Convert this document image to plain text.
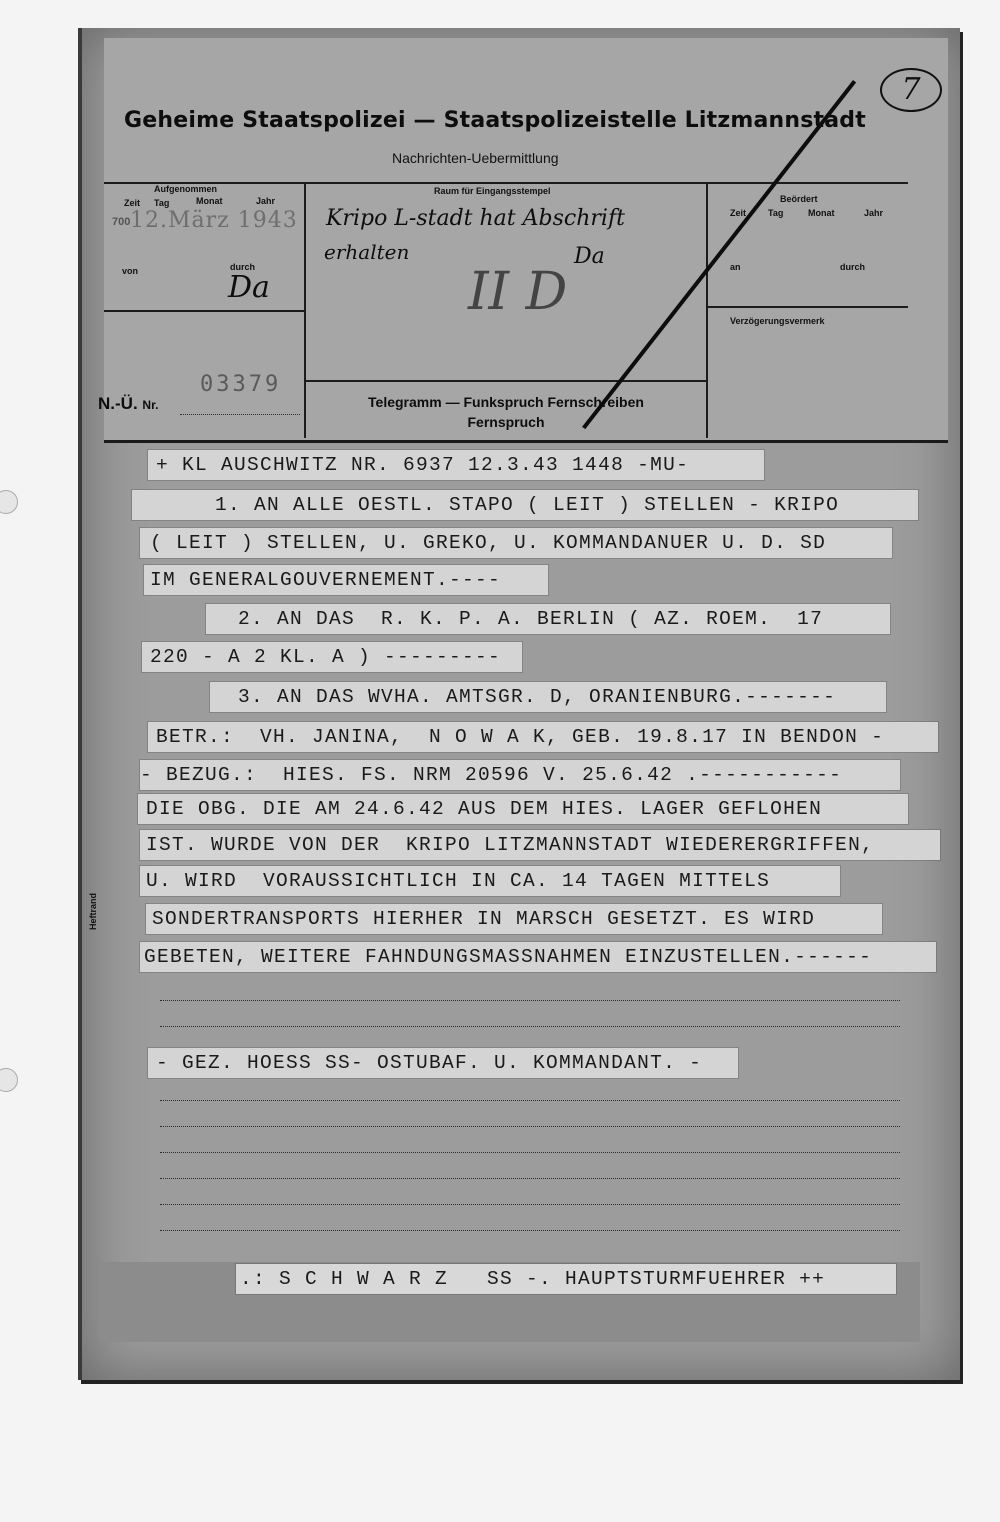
7
Geheime Staatspolizei — Staatspolizeistelle Litzmannstadt
Nachrichten-Uebermittlung
Aufgenommen
Zeit Tag	Monat	Jahr
700 12.März 1943
von	durch
Da
Raum für Eingangsstempel
Kripo L-stadt hat Abschrift
erhalten	Da
II D
Beördert
Zeit Tag	Monat	Jahr
an	durch
Verzögerungsvermerk
03379
N.-Ü. Nr.	Telegramm — Funkspruch Fernschreiben
Fernspruch
Heftrand
+ KL AUSCHWITZ NR. 6937 12.3.43 1448 -MU-
1. AN ALLE OESTL. STAPO ( LEIT ) STELLEN - KRIPO
( LEIT ) STELLEN, U. GREKO, U. KOMMANDANUER U. D. SD
IM GENERALGOUVERNEMENT.----
2. AN DAS  R. K. P. A. BERLIN ( AZ. ROEM.  17
220 - A 2 KL. A ) ---------
3. AN DAS WVHA. AMTSGR. D, ORANIENBURG.-------
BETR.:  VH. JANINA,  N O W A K, GEB. 19.8.17 IN BENDON -
- BEZUG.:  HIES. FS. NRM 20596 V. 25.6.42 .-----------
DIE OBG. DIE AM 24.6.42 AUS DEM HIES. LAGER GEFLOHEN
IST. WURDE VON DER  KRIPO LITZMANNSTADT WIEDERERGRIFFEN,
U. WIRD  VORAUSSICHTLICH IN CA. 14 TAGEN MITTELS
SONDERTRANSPORTS HIERHER IN MARSCH GESETZT. ES WIRD
GEBETEN, WEITERE FAHNDUNGSMASSNAHMEN EINZUSTELLEN.------
- GEZ. HOESS SS- OSTUBAF. U. KOMMANDANT. -
.: S C H W A R Z   SS -. HAUPTSTURMFUEHRER ++
